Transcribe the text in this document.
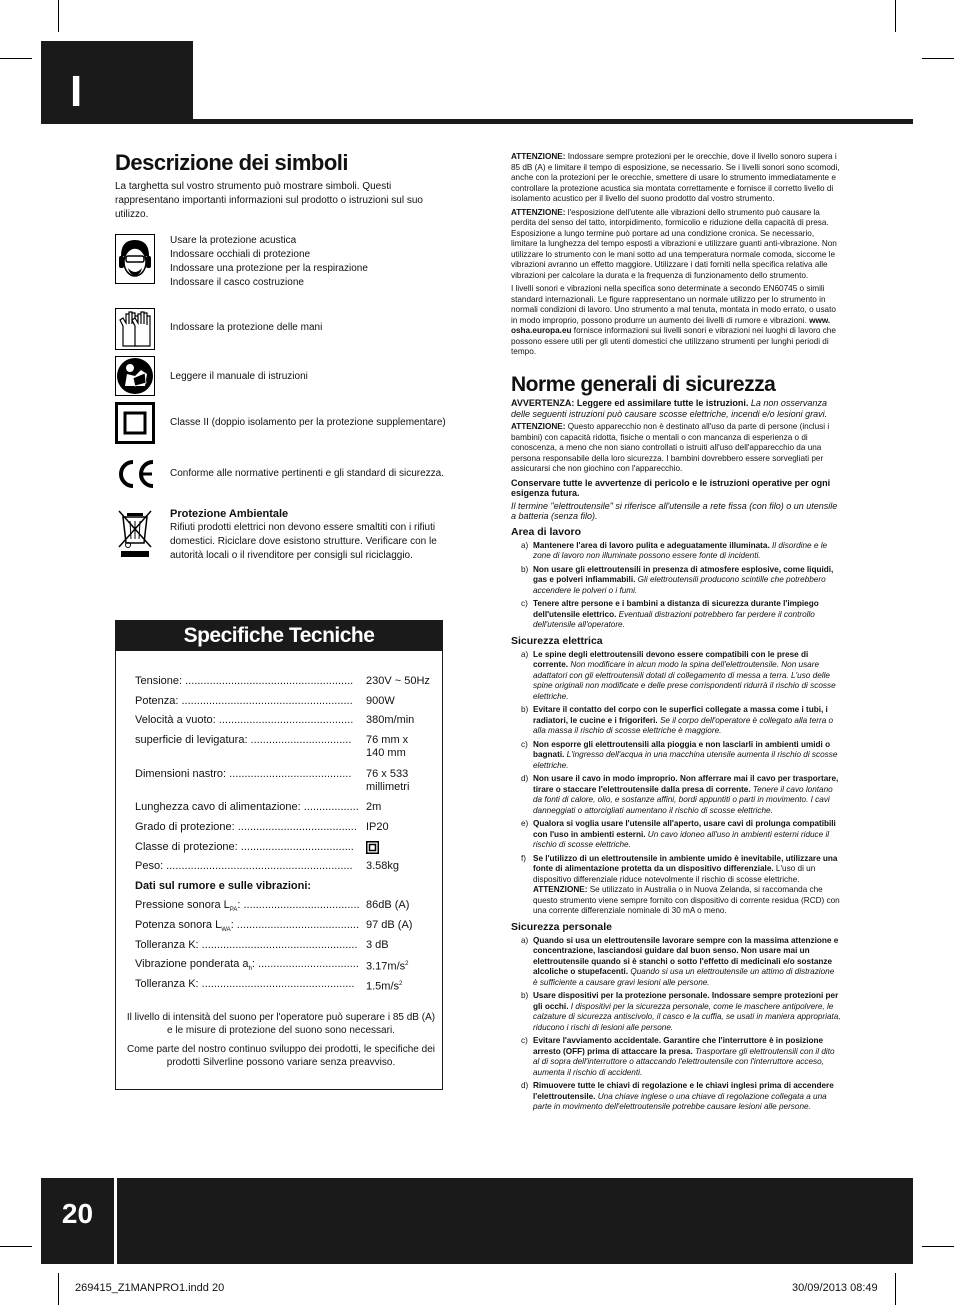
I
Descrizione dei simboli
La targhetta sul vostro strumento può mostrare simboli. Questi rappresentano importanti informazioni sul prodotto o istruzioni sul suo utilizzo.
Usare la protezione acustica
Indossare occhiali di protezione
Indossare una protezione per la respirazione
Indossare il casco costruzione
Indossare la protezione delle mani
Leggere il manuale di istruzioni
Classe II (doppio isolamento per la protezione supplementare)
Conforme alle normative pertinenti e gli standard di sicurezza.
Protezione Ambientale
Rifiuti prodotti elettrici non devono essere smaltiti con i rifiuti domestici. Riciclare dove esistono strutture. Verificare con le autorità locali o il rivenditore per consigli sul riciclaggio.
Specifiche Tecniche
Tensione: ....................................................... 230V ~ 50Hz
Potenza: ........................................................ 900W
Velocità a vuoto: ............................................ 380m/min
superficie di levigatura: ................................. 76 mm x
140 mm
Dimensioni nastro: ........................................ 76 x 533
millimetri
Lunghezza cavo di alimentazione: .................. 2m
Grado di protezione: ....................................... IP20
Classe di protezione: .....................................
Peso: ............................................................. 3.58kg
Dati sul rumore e sulle vibrazioni:
Pressione sonora $L_{PA}$: ...................................... 86dB (A)
Potenza sonora $L_{WA}$: ........................................ 97 dB (A)
Tolleranza K: ................................................... 3 dB
Vibrazione ponderata $a_h$: ................................. $3.17m/s^2$
Tolleranza K: .................................................. $1.5m/s^2$
Il livello di intensità del suono per l'operatore può superare i 85 dB (A) e le misure di protezione del suono sono necessari.
Come parte del nostro continuo sviluppo dei prodotti, le specifiche dei prodotti Silverline possono variare senza preavviso.

ATTENZIONE: Indossare sempre protezioni per le orecchie, dove il livello sonoro supera i 85 dB (A) e limitare il tempo di esposizione, se necessario. Se i livelli sonori sono scomodi, anche con la protezioni per le orecchie, smettere di usare lo strumento immediatamente e controllare la protezione acustica sia montata correttamente e fornisce il corretto livello di isolamento acustico per il livello del suono prodotto dal vostro strumento.

ATTENZIONE: l'esposizione dell'utente alle vibrazioni dello strumento può causare la perdita del senso del tatto, intorpidimento, formicolio e riduzione della capacità di presa. Esposizione a lungo termine può portare ad una condizione cronica. Se necessario, limitare la lunghezza del tempo esposti a vibrazioni e utilizzare guanti anti-vibrazione. Non utilizzare lo strumento con le mani sotto ad una temperatura normale comoda, siccome le vibrazioni avranno un effetto maggiore. Utilizzare i dati forniti nella specifica relativa alle vibrazioni per calcolare la durata e la frequenza di funzionamento dello strumento.

I livelli sonori e vibrazioni nella specifica sono determinate a secondo EN60745 o simili standard internazionali. Le figure rappresentano un normale utilizzo per lo strumento in normali condizioni di lavoro. Uno strumento a mal tenuta, montata in modo errato, o usato in modo improprio, possono produrre un aumento dei livelli di rumore e vibrazioni. www. osha.europa.eu fornisce informazioni sui livelli sonori e vibrazioni nei luoghi di lavoro che possono essere utili per gli utenti domestici che utilizzano strumenti per lunghi periodi di tempo.

Norme generali di sicurezza

AVVERTENZA: Leggere ed assimilare tutte le istruzioni. La non osservanza delle seguenti istruzioni può causare scosse elettriche, incendi e/o lesioni gravi.

ATTENZIONE: Questo apparecchio non è destinato all'uso da parte di persone (inclusi i bambini) con capacità ridotta, fisiche o mentali o con mancanza di esperienza o di conoscenza, a meno che non siano controllati o istruiti all'uso dell'apparecchio da una persona responsabile della loro sicurezza. I bambini dovrebbero essere sorvegliati per assicurarsi che non giochino con l'apparecchio.

Conservare tutte le avvertenze di pericolo e le istruzioni operative per ogni esigenza futura.

Il termine "elettroutensile" si riferisce all'utensile a rete fissa (con filo) o un utensile a batteria (senza filo).

Area di lavoro
a) Mantenere l'area di lavoro pulita e adeguatamente illuminata. Il disordine e le zone di lavoro non illuminate possono essere fonte di incidenti.
b) Non usare gli elettroutensili in presenza di atmosfere esplosive, come liquidi, gas e polveri infiammabili. Gli elettroutensili producono scintille che potrebbero accendere le polveri o i fumi.
c) Tenere altre persone e i bambini a distanza di sicurezza durante l'impiego dell'utensile elettrico. Eventuali distrazioni potrebbero far perdere il controllo dell'utensile all'operatore.
Sicurezza elettrica
a) Le spine degli elettroutensili devono essere compatibili con le prese di corrente. Non modificare in alcun modo la spina dell'elettroutensile. Non usare adattatori con gli elettroutensili dotati di collegamento di messa a terra. L'uso delle spine originali non modificate e delle prese corrispondenti ridurrà il rischio di scosse elettriche.
b) Evitare il contatto del corpo con le superfici collegate a massa come i tubi, i radiatori, le cucine e i frigoriferi. Se il corpo dell'operatore è collegato alla terra o alla massa il rischio di scosse elettriche è maggiore.
c) Non esporre gli elettroutensili alla pioggia e non lasciarli in ambienti umidi o bagnati. L'ingresso dell'acqua in una macchina utensile aumenta il rischio di scosse elettriche.
d) Non usare il cavo in modo improprio. Non afferrare mai il cavo per trasportare, tirare o staccare l'elettroutensile dalla presa di corrente. Tenere il cavo lontano da fonti di calore, olio, e sostanze affini, bordi appuntiti o parti in movimento. I cavi danneggiati o attorcigliati aumentano il rischio di scosse elettriche.
e) Qualora si voglia usare l'utensile all'aperto, usare cavi di prolunga compatibili con l'uso in ambienti esterni. Un cavo idoneo all'uso in ambienti esterni riduce il rischio di scosse elettriche.
f) Se l'utilizzo di un elettroutensile in ambiente umido è inevitabile, utilizzare una fonte di alimentazione protetta da un dispositivo differenziale. L'uso di un dispositivo differenziale riduce notevolmente il rischio di scosse elettriche.
ATTENZIONE: Se utilizzato in Australia o in Nuova Zelanda, si raccomanda che questo strumento viene sempre fornito con dispositivo di corrente residua (RCD) con una corrente differenziale nominale di 30 mA o meno.
Sicurezza personale
a) Quando si usa un elettroutensile lavorare sempre con la massima attenzione e concentrazione, lasciandosi guidare dal buon senso. Non usare mai un elettroutensile quando si è stanchi o sotto l'effetto di medicinali e/o sostanze alcoliche o stupefacenti. Quando si usa un elettroutensile un attimo di distrazione è sufficiente a causare gravi lesioni alle persone.
b) Usare dispositivi per la protezione personale. Indossare sempre protezioni per gli occhi. I dispositivi per la sicurezza personale, come le maschere antipolvere, le calzature di sicurezza antiscivolo, il casco e la cuffia, se usati in maniera appropriata, riducono i rischi di lesioni alle persone.
c) Evitare l'avviamento accidentale. Garantire che l'interruttore è in posizione arresto (OFF) prima di attaccare la presa. Trasportare gli elettroutensili con il dito al di sopra dell'interruttore o attaccando l'elettroutensile con l'interruttore acceso, aumenta il rischio di accidenti.
d) Rimuovere tutte le chiavi di regolazione e le chiavi inglesi prima di accendere l'elettroutensile. Una chiave inglese o una chiave di regolazione collegata a una parte in movimento dell'elettroutensile potrebbe causare lesioni alle persone.
20
269415_Z1MANPRO1.indd 20	30/09/2013 08:49
